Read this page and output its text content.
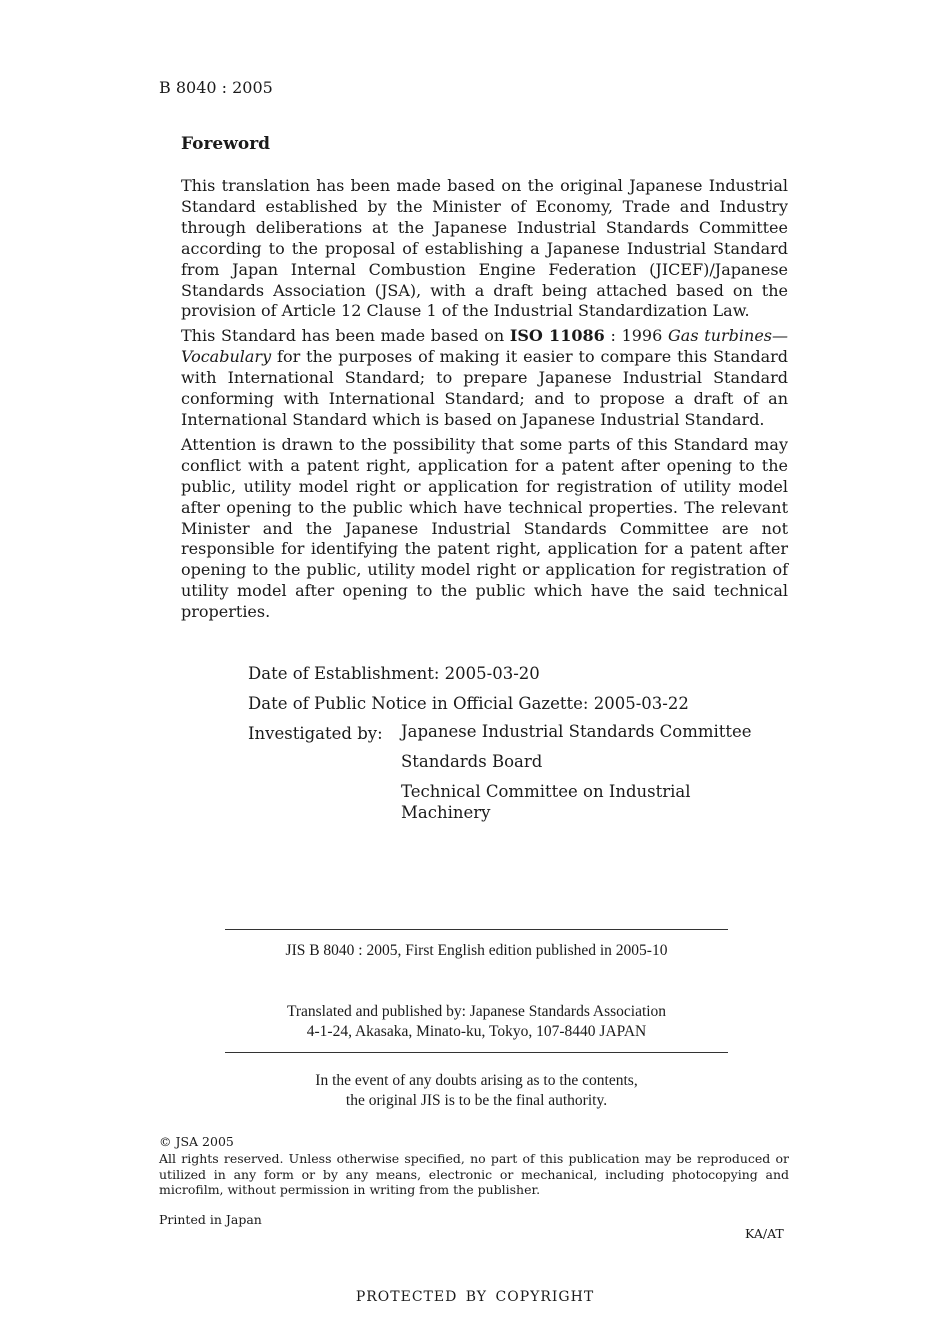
B 8040 : 2005
Foreword

This translation has been made based on the original Japanese Industrial Standard established by the Minister of Economy, Trade and Industry through deliberations at the Japanese Industrial Standards Committee according to the proposal of establishing a Japanese Industrial Standard from Japan Internal Combustion Engine Federation (JICEF)/Japanese Standards Association (JSA), with a draft being attached based on the provision of Article 12 Clause 1 of the Industrial Standardization Law.

This Standard has been made based on ISO 11086 : 1996 Gas turbines—Vocabulary for the purposes of making it easier to compare this Standard with International Standard; to prepare Japanese Industrial Standard conforming with International Standard; and to propose a draft of an International Standard which is based on Japanese Industrial Standard.

Attention is drawn to the possibility that some parts of this Standard may conflict with a patent right, application for a patent after opening to the public, utility model right or application for registration of utility model after opening to the public which have technical properties. The relevant Minister and the Japanese Industrial Standards Committee are not responsible for identifying the patent right, application for a patent after opening to the public, utility model right or application for registration of utility model after opening to the public which have the said technical properties.

Date of Establishment:
2005-03-20
Date of Public Notice in Official Gazette:
2005-03-22
Investigated by: Japanese Industrial Standards Committee
Standards Board
Technical Committee on Industrial Machinery
JIS B 8040 : 2005, First English edition published in 2005-10
Translated and published by: Japanese Standards Association
4-1-24, Akasaka, Minato-ku, Tokyo, 107-8440 JAPAN
In the event of any doubts arising as to the contents,
the original JIS is to be the final authority.
© JSA 2005
All rights reserved. Unless otherwise specified, no part of this publication may be reproduced or utilized in any form or by any means, electronic or mechanical, including photocopying and microfilm, without permission in writing from the publisher.
Printed in Japan
KA/AT
PROTECTED BY COPYRIGHT
